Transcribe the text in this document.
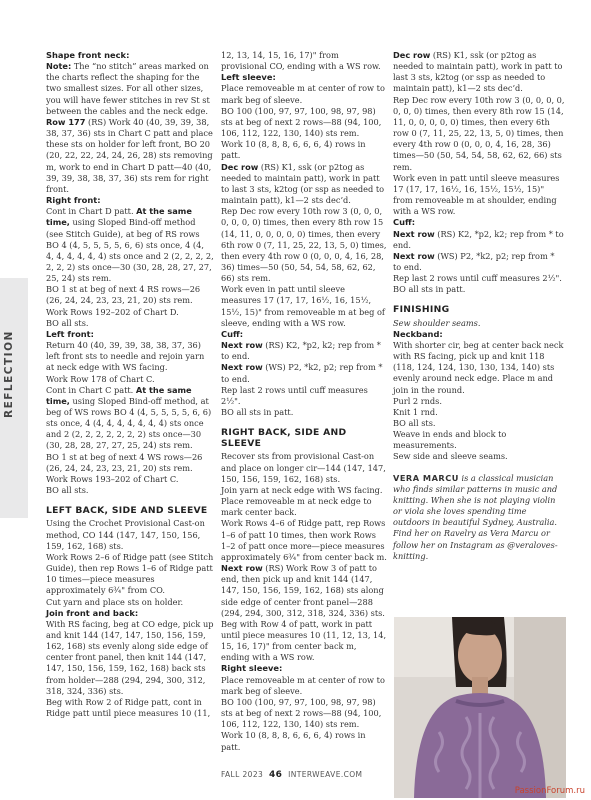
REFLECTION

Shape front neck:

Note: The “no stitch” areas marked on the charts reflect the shaping for the two smallest sizes. For all other sizes, you will have fewer stitches in rev St st between the cables and the neck edge.

Row 177 (RS) Work 40 (40, 39, 39, 38, 38, 37, 36) sts in Chart C patt and place these sts on holder for left front, BO 20 (20, 22, 22, 24, 24, 26, 28) sts removing m, work to end in Chart D patt—40 (40, 39, 39, 38, 38, 37, 36) sts rem for right front.

Right front:

Cont in Chart D patt. At the same time, using Sloped Bind-off method (see Stitch Guide), at beg of RS rows BO 4 (4, 5, 5, 5, 5, 6, 6) sts once, 4 (4, 4, 4, 4, 4, 4, 4) sts once and 2 (2, 2, 2, 2, 2, 2, 2) sts once—30 (30, 28, 28, 27, 27, 25, 24) sts rem.

BO 1 st at beg of next 4 RS rows—26 (26, 24, 24, 23, 23, 21, 20) sts rem.

Work Rows 192–202 of Chart D.

BO all sts.

Left front:

Return 40 (40, 39, 39, 38, 38, 37, 36) left front sts to needle and rejoin yarn at neck edge with WS facing.

Work Row 178 of Chart C.

Cont in Chart C patt. At the same time, using Sloped Bind-off method, at beg of WS rows BO 4 (4, 5, 5, 5, 5, 6, 6) sts once, 4 (4, 4, 4, 4, 4, 4, 4) sts once and 2 (2, 2, 2, 2, 2, 2, 2) sts once—30 (30, 28, 28, 27, 27, 25, 24) sts rem.

BO 1 st at beg of next 4 WS rows—26 (26, 24, 24, 23, 23, 21, 20) sts rem.

Work Rows 193–202 of Chart C.

BO all sts.

LEFT BACK, SIDE AND SLEEVE

Using the Crochet Provisional Cast-on method, CO 144 (147, 147, 150, 156, 159, 162, 168) sts.

Work Rows 2–6 of Ridge patt (see Stitch Guide), then rep Rows 1–6 of Ridge patt 10 times—piece measures approximately 6¾" from CO.

Cut yarn and place sts on holder.

Join front and back:

With RS facing, beg at CO edge, pick up and knit 144 (147, 147, 150, 156, 159, 162, 168) sts evenly along side edge of center front panel, then knit 144 (147, 147, 150, 156, 159, 162, 168) back sts from holder—288 (294, 294, 300, 312, 318, 324, 336) sts.

Beg with Row 2 of Ridge patt, cont in Ridge patt until piece measures 10 (11,

12, 13, 14, 15, 16, 17)" from provisional CO, ending with a WS row.

Left sleeve:

Place removeable m at center of row to mark beg of sleeve.

BO 100 (100, 97, 97, 100, 98, 97, 98) sts at beg of next 2 rows—88 (94, 100, 106, 112, 122, 130, 140) sts rem.

Work 10 (8, 8, 8, 6, 6, 6, 4) rows in patt.

Dec row (RS) K1, ssk (or p2tog as needed to maintain patt), work in patt to last 3 sts, k2tog (or ssp as needed to maintain patt), k1—2 sts dec’d.

Rep Dec row every 10th row 3 (0, 0, 0, 0, 0, 0, 0) times, then every 8th row 15 (14, 11, 0, 0, 0, 0, 0) times, then every 6th row 0 (7, 11, 25, 22, 13, 5, 0) times, then every 4th row 0 (0, 0, 0, 4, 16, 28, 36) times—50 (50, 54, 54, 58, 62, 62, 66) sts rem.

Work even in patt until sleeve measures 17 (17, 17, 16½, 16, 15½, 15½, 15)" from removeable m at beg of sleeve, ending with a WS row.

Cuff:

Next row (RS) K2, *p2, k2; rep from * to end.

Next row (WS) P2, *k2, p2; rep from * to end.

Rep last 2 rows until cuff measures 2½".

BO all sts in patt.

RIGHT BACK, SIDE AND SLEEVE

Recover sts from provisional Cast-on and place on longer cir—144 (147, 147, 150, 156, 159, 162, 168) sts.

Join yarn at neck edge with WS facing.

Place removeable m at neck edge to mark center back.

Work Rows 4–6 of Ridge patt, rep Rows 1–6 of patt 10 times, then work Rows 1–2 of patt once more—piece measures approximately 6¾" from center back m.

Next row (RS) Work Row 3 of patt to end, then pick up and knit 144 (147, 147, 150, 156, 159, 162, 168) sts along side edge of center front panel—288 (294, 294, 300, 312, 318, 324, 336) sts.

Beg with Row 4 of patt, work in patt until piece measures 10 (11, 12, 13, 14, 15, 16, 17)" from center back m, ending with a WS row.

Right sleeve:

Place removeable m at center of row to mark beg of sleeve.

BO 100 (100, 97, 97, 100, 98, 97, 98) sts at beg of next 2 rows—88 (94, 100, 106, 112, 122, 130, 140) sts rem.

Work 10 (8, 8, 8, 6, 6, 6, 4) rows in patt.

Dec row (RS) K1, ssk (or p2tog as needed to maintain patt), work in patt to last 3 sts, k2tog (or ssp as needed to maintain patt), k1—2 sts dec’d.

Rep Dec row every 10th row 3 (0, 0, 0, 0, 0, 0, 0) times, then every 8th row 15 (14, 11, 0, 0, 0, 0, 0) times, then every 6th row 0 (7, 11, 25, 22, 13, 5, 0) times, then every 4th row 0 (0, 0, 0, 4, 16, 28, 36) times—50 (50, 54, 54, 58, 62, 62, 66) sts rem.

Work even in patt until sleeve measures 17 (17, 17, 16½, 16, 15½, 15½, 15)" from removeable m at shoulder, ending with a WS row.

Cuff:

Next row (RS) K2, *p2, k2; rep from * to end.

Next row (WS) P2, *k2, p2; rep from * to end.

Rep last 2 rows until cuff measures 2½".

BO all sts in patt.

FINISHING

Sew shoulder seams.

Neckband:

With shorter cir, beg at center back neck with RS facing, pick up and knit 118 (118, 124, 124, 130, 130, 134, 140) sts evenly around neck edge. Place m and join in the round.

Purl 2 rnds.

Knit 1 rnd.

BO all sts.

Weave in ends and block to measurements.

Sew side and sleeve seams.

VERA MARCU is a classical musician who finds similar patterns in music and knitting. When she is not playing violin or viola she loves spending time outdoors in beautiful Sydney, Australia. Find her on Ravelry as Vera Marcu or follow her on Instagram as @veralovesknitting.

FALL 2023 46 INTERWEAVE.COM
PassionForum.ru
